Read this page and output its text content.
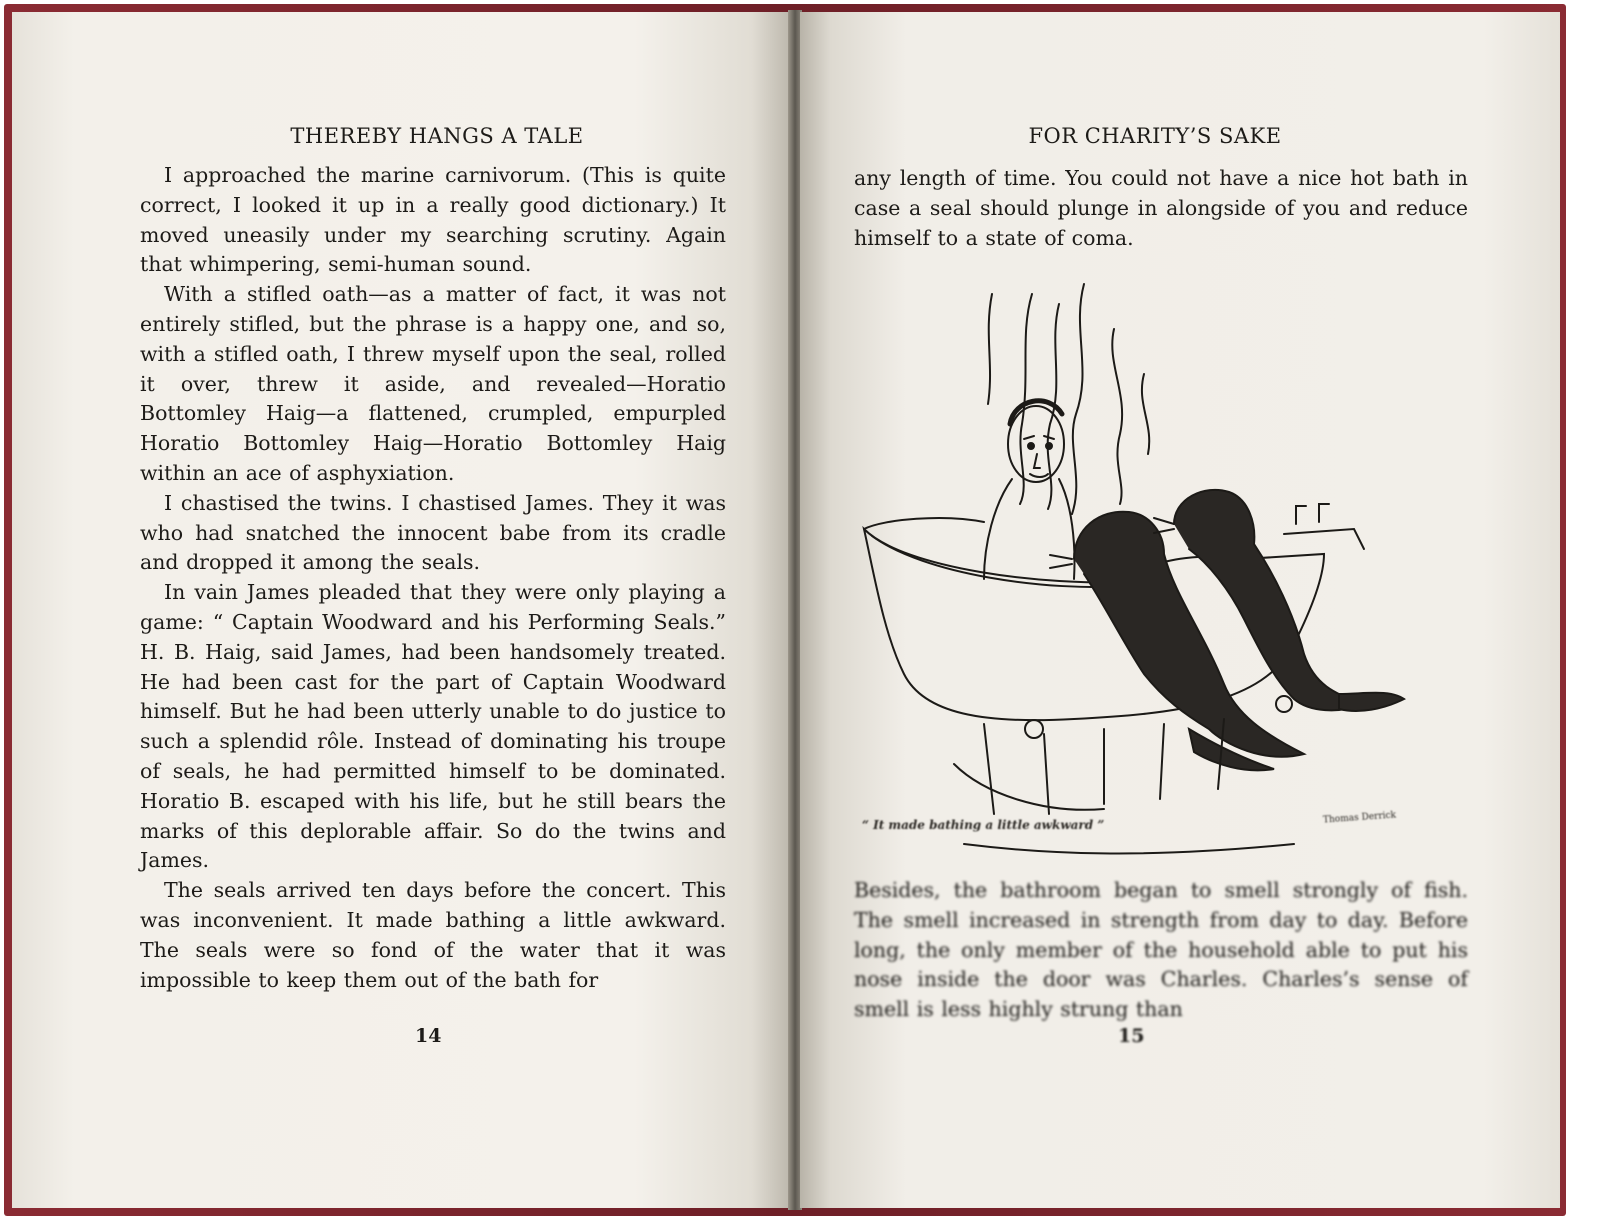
THEREBY HANGS A TALE

I approached the marine carnivorum. (This is quite correct, I looked it up in a really good dictionary.) It moved uneasily under my searching scrutiny. Again that whimpering, semi-human sound.

With a stifled oath—as a matter of fact, it was not entirely stifled, but the phrase is a happy one, and so, with a stifled oath, I threw myself upon the seal, rolled it over, threw it aside, and revealed—Horatio Bottomley Haig—a flattened, crumpled, empurpled Horatio Bottomley Haig—Horatio Bottomley Haig within an ace of asphyxiation.

I chastised the twins. I chastised James. They it was who had snatched the innocent babe from its cradle and dropped it among the seals.

In vain James pleaded that they were only playing a game: “ Captain Woodward and his Performing Seals.” H. B. Haig, said James, had been handsomely treated. He had been cast for the part of Captain Woodward himself. But he had been utterly unable to do justice to such a splendid rôle. Instead of dominating his troupe of seals, he had permitted himself to be dominated. Horatio B. escaped with his life, but he still bears the marks of this deplorable affair. So do the twins and James.

The seals arrived ten days before the concert. This was inconvenient. It made bathing a little awkward. The seals were so fond of the water that it was impossible to keep them out of the bath for

14
FOR CHARITY’S SAKE

any length of time. You could not have a nice hot bath in case a seal should plunge in alongside of you and reduce himself to a state of coma.

“ It made bathing a little awkward ”	Thomas Derrick

Besides, the bathroom began to smell strongly of fish. The smell increased in strength from day to day. Before long, the only member of the household able to put his nose inside the door was Charles. Charles’s sense of smell is less highly strung than

15
